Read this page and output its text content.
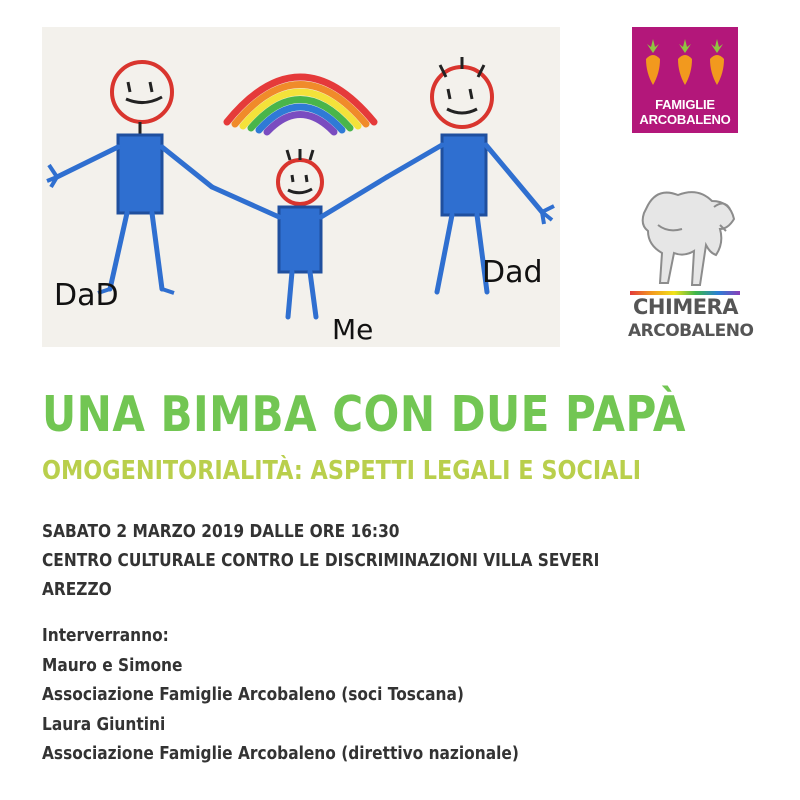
DaD
Me
Dad
FAMIGLIE
ARCOBALENO
CHIMERA
ARCOBALENO
UNA BIMBA CON DUE PAPÀ
OMOGENITORIALITÀ: ASPETTI LEGALI E SOCIALI
SABATO 2 MARZO 2019 DALLE ORE 16:30
CENTRO CULTURALE CONTRO LE DISCRIMINAZIONI VILLA SEVERI
AREZZO
Interverranno:
Mauro e Simone
Associazione Famiglie Arcobaleno (soci Toscana)
Laura Giuntini
Associazione Famiglie Arcobaleno (direttivo nazionale)
